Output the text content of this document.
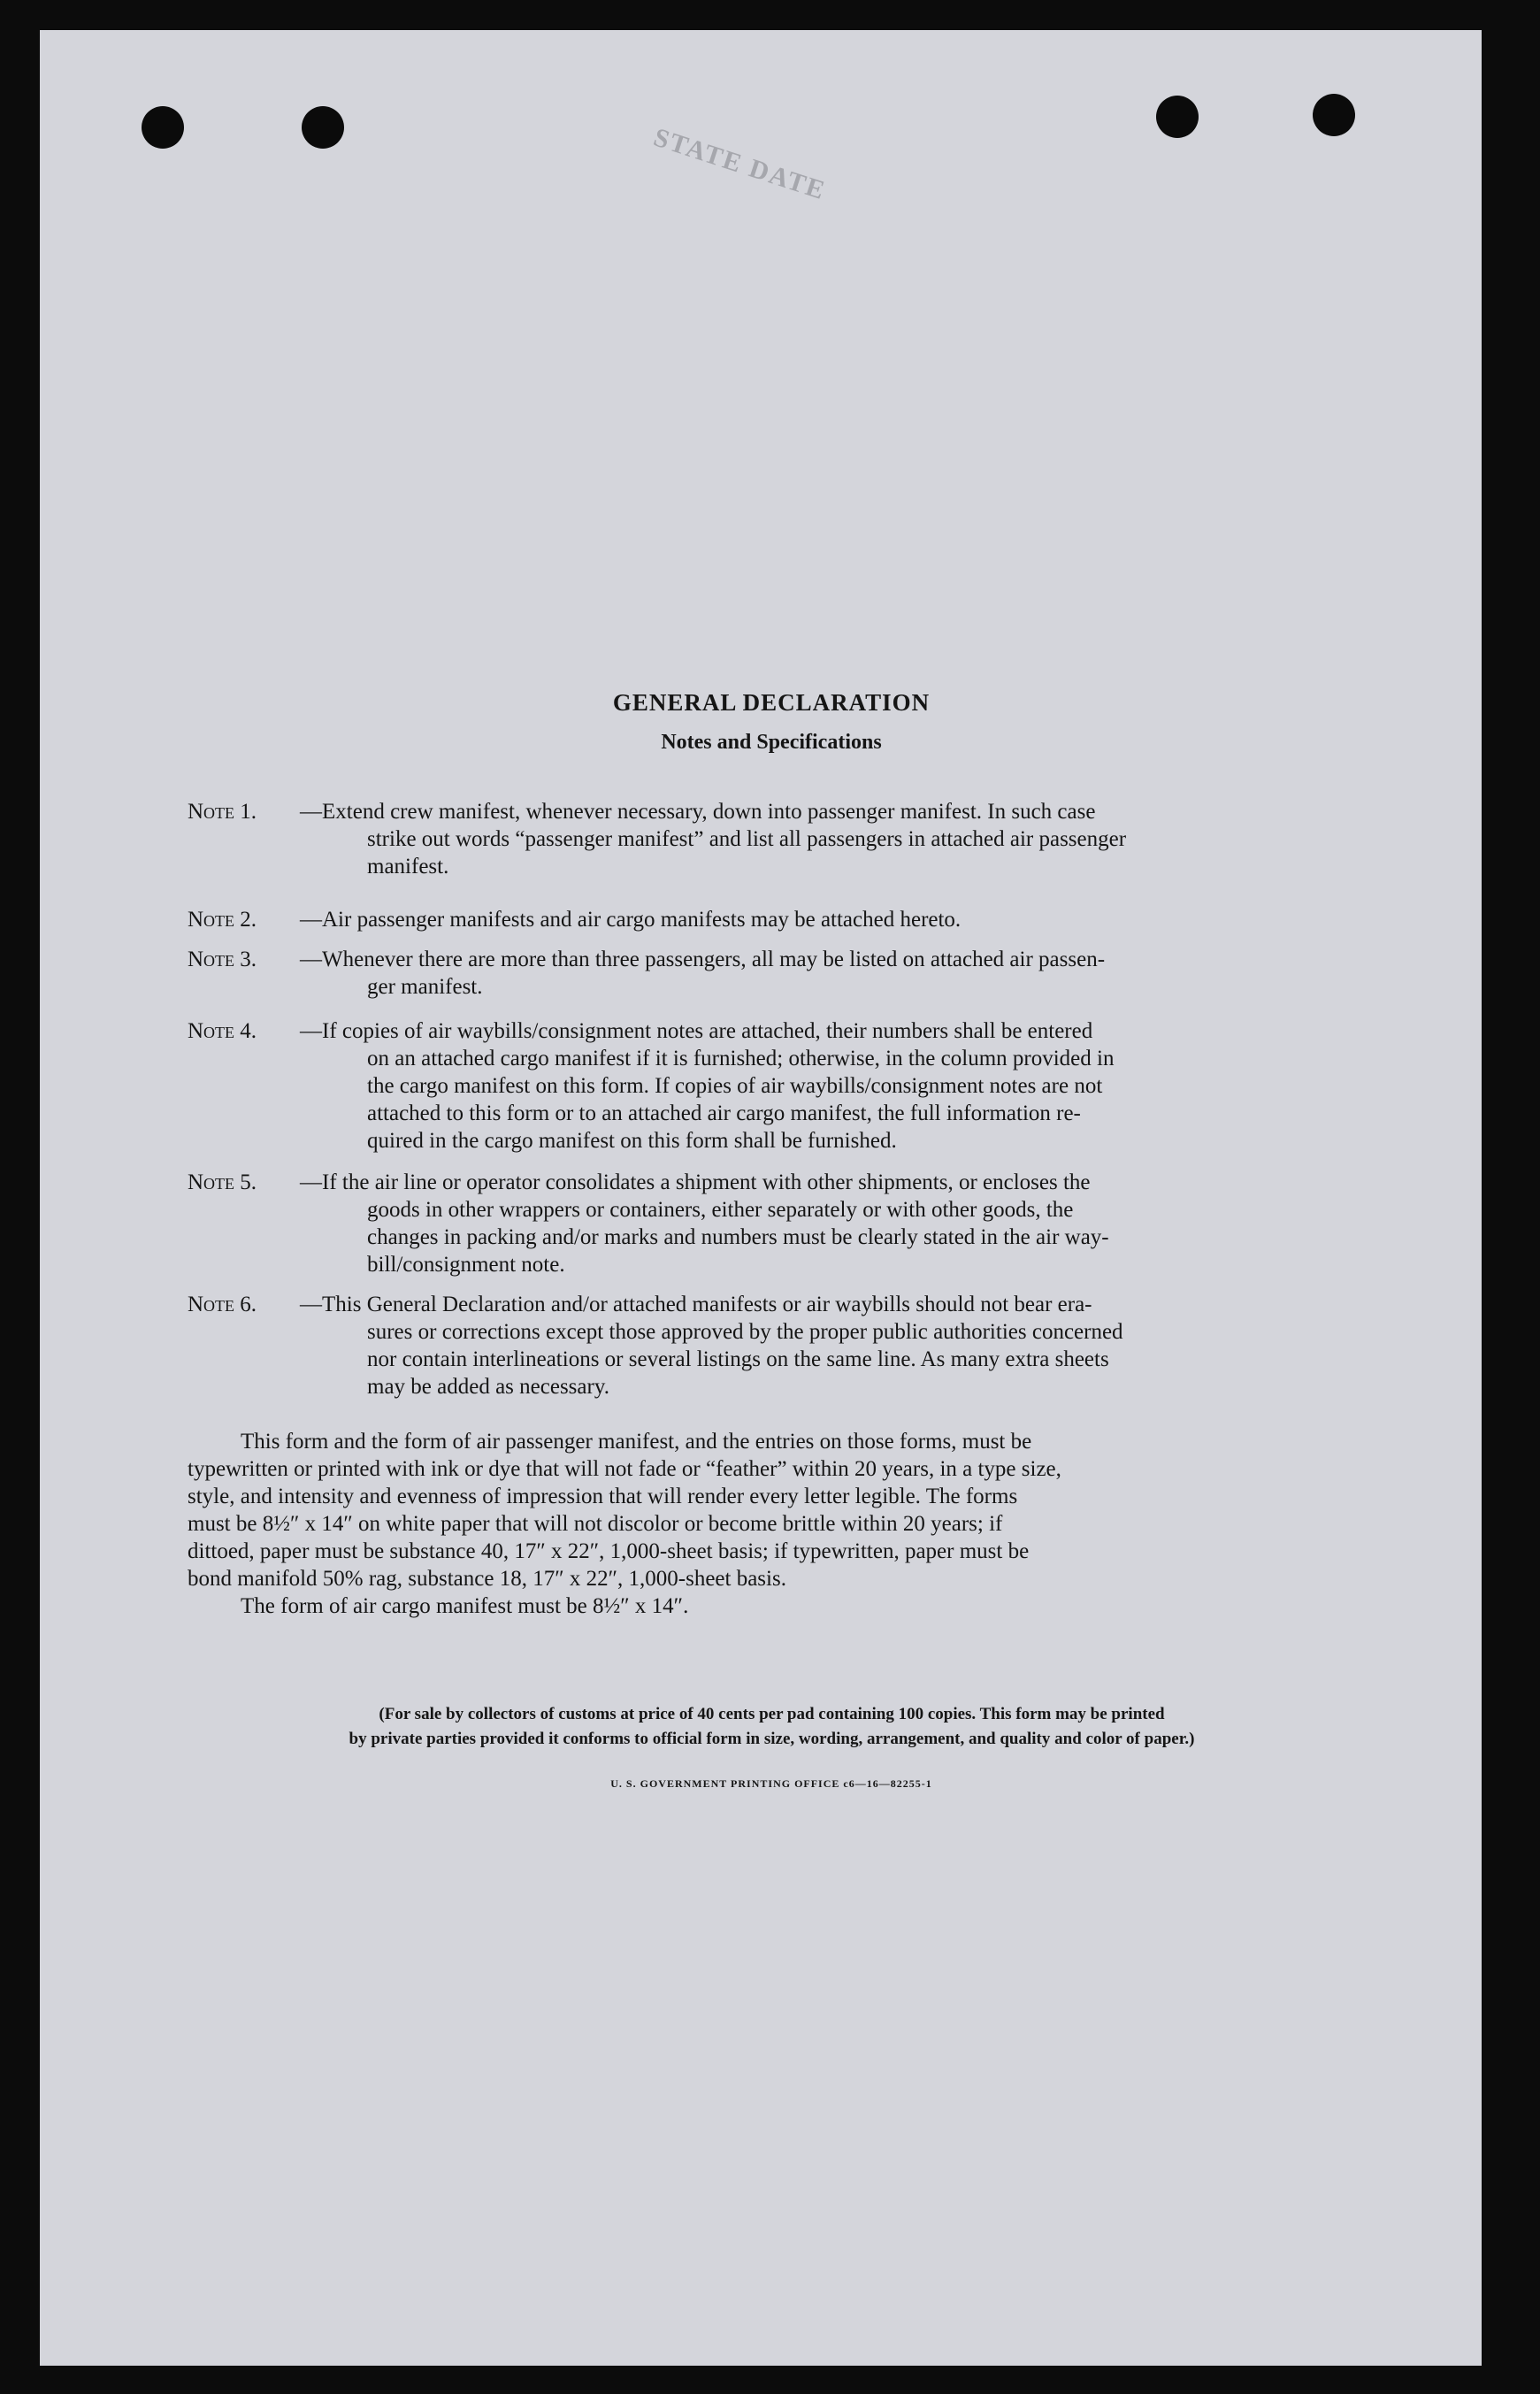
STATE DATE
GENERAL DECLARATION
Notes and Specifications
Note 1. —Extend crew manifest, whenever necessary, down into passenger manifest. In such case
strike out words “passenger manifest” and list all passengers in attached air passenger
manifest.
Note 2. —Air passenger manifests and air cargo manifests may be attached hereto.
Note 3. —Whenever there are more than three passengers, all may be listed on attached air passen-
ger manifest.
Note 4. —If copies of air waybills/consignment notes are attached, their numbers shall be entered
on an attached cargo manifest if it is furnished; otherwise, in the column provided in
the cargo manifest on this form. If copies of air waybills/consignment notes are not
attached to this form or to an attached air cargo manifest, the full information re-
quired in the cargo manifest on this form shall be furnished.
Note 5. —If the air line or operator consolidates a shipment with other shipments, or encloses the
goods in other wrappers or containers, either separately or with other goods, the
changes in packing and/or marks and numbers must be clearly stated in the air way-
bill/consignment note.
Note 6. —This General Declaration and/or attached manifests or air waybills should not bear era-
sures or corrections except those approved by the proper public authorities concerned
nor contain interlineations or several listings on the same line. As many extra sheets
may be added as necessary.
This form and the form of air passenger manifest, and the entries on those forms, must be
typewritten or printed with ink or dye that will not fade or “feather” within 20 years, in a type size,
style, and intensity and evenness of impression that will render every letter legible. The forms
must be 8½″ x 14″ on white paper that will not discolor or become brittle within 20 years; if
dittoed, paper must be substance 40, 17″ x 22″, 1,000-sheet basis; if typewritten, paper must be
bond manifold 50% rag, substance 18, 17″ x 22″, 1,000-sheet basis.
The form of air cargo manifest must be 8½″ x 14″.
(For sale by collectors of customs at price of 40 cents per pad containing 100 copies. This form may be printed
by private parties provided it conforms to official form in size, wording, arrangement, and quality and color of paper.)
U. S. GOVERNMENT PRINTING OFFICE c6—16—82255-1
